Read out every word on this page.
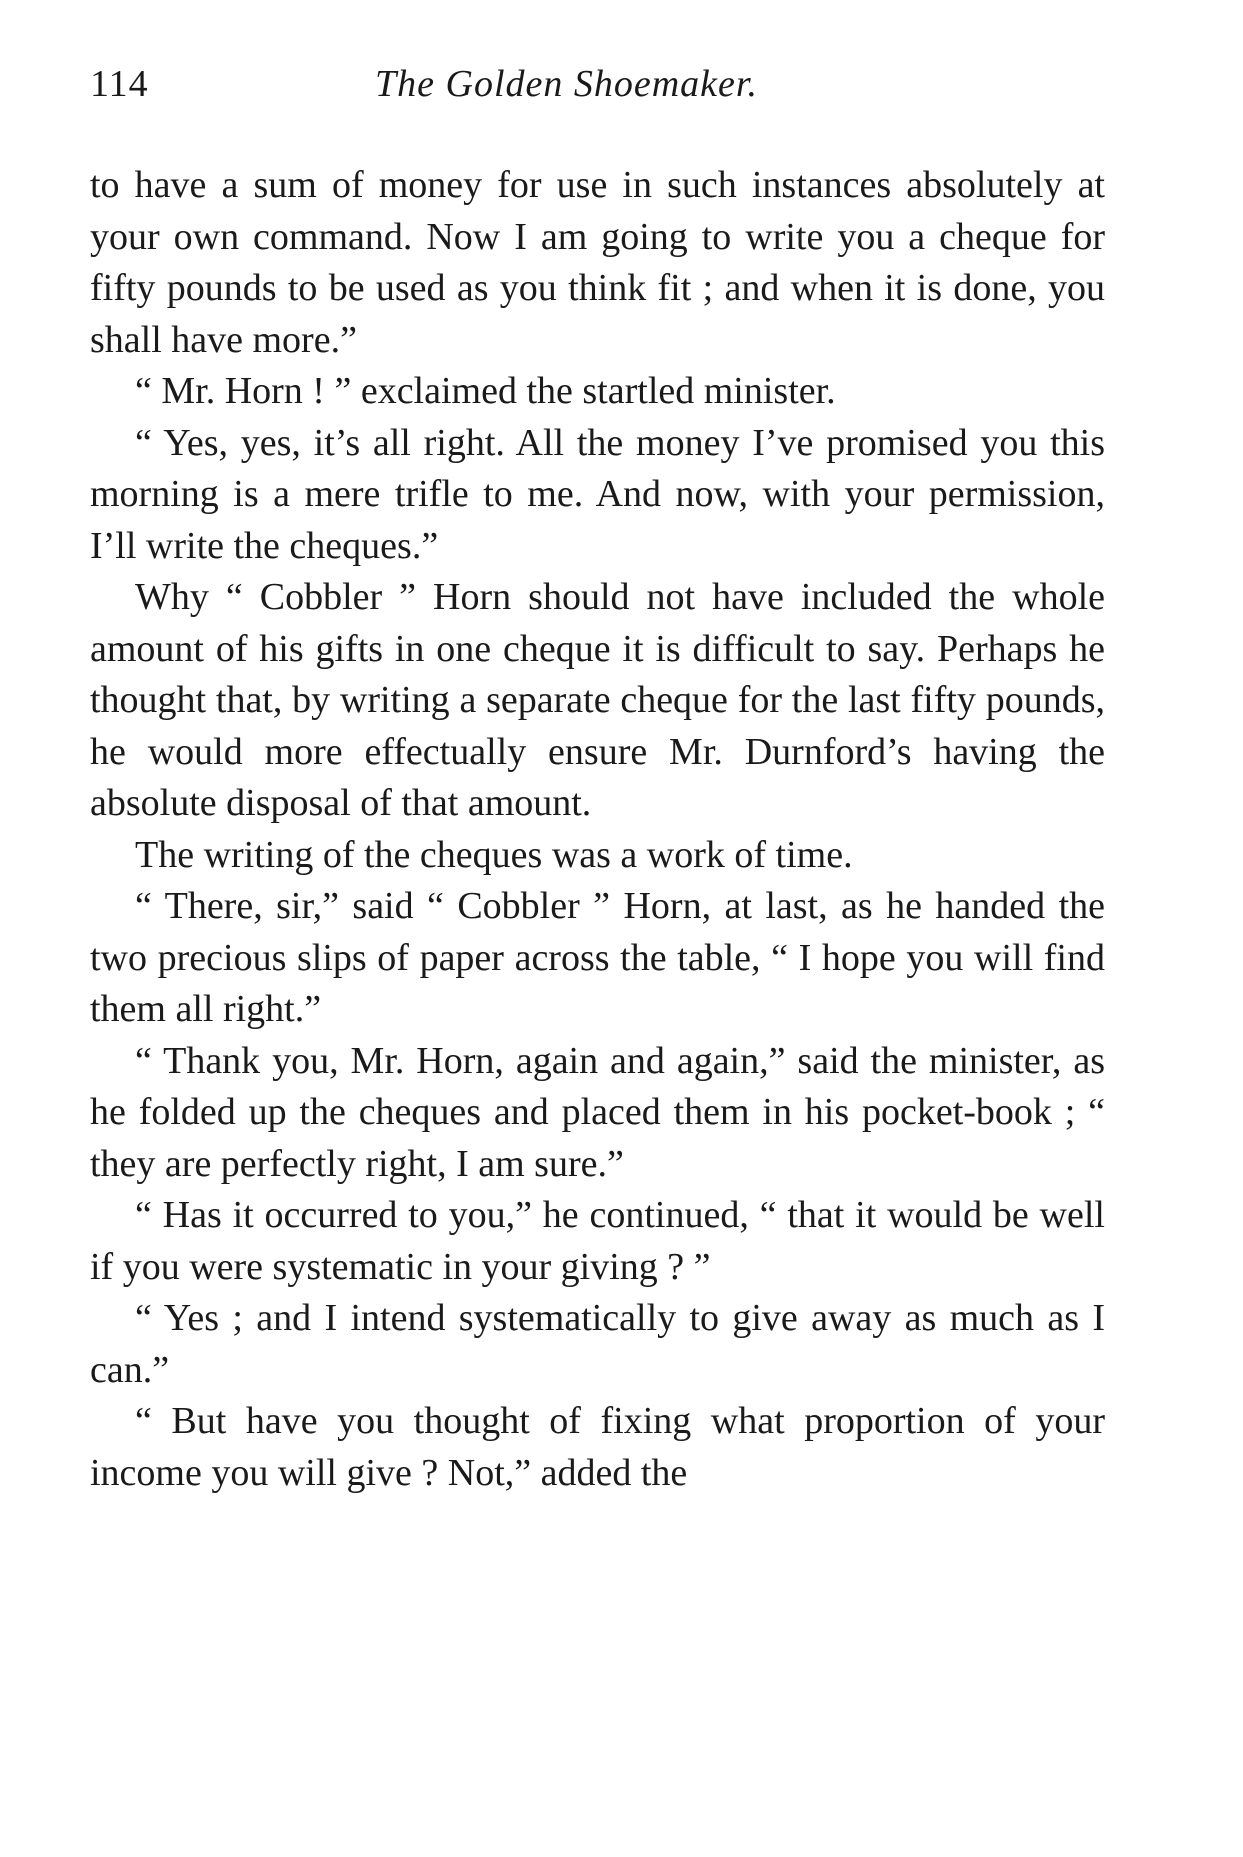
114	The Golden Shoemaker.

to have a sum of money for use in such instances absolutely at your own command. Now I am going to write you a cheque for fifty pounds to be used as you think fit ; and when it is done, you shall have more.”

“ Mr. Horn ! ” exclaimed the startled minister.

“ Yes, yes, it’s all right. All the money I’ve promised you this morning is a mere trifle to me. And now, with your permission, I’ll write the cheques.”

Why “ Cobbler ” Horn should not have included the whole amount of his gifts in one cheque it is difficult to say. Perhaps he thought that, by writing a separate cheque for the last fifty pounds, he would more effectually ensure Mr. Durnford’s having the absolute disposal of that amount.

The writing of the cheques was a work of time.

“ There, sir,” said “ Cobbler ” Horn, at last, as he handed the two precious slips of paper across the table, “ I hope you will find them all right.”

“ Thank you, Mr. Horn, again and again,” said the minister, as he folded up the cheques and placed them in his pocket-book ; “ they are perfectly right, I am sure.”

“ Has it occurred to you,” he continued, “ that it would be well if you were systematic in your giving ? ”

“ Yes ; and I intend systematically to give away as much as I can.”

“ But have you thought of fixing what proportion of your income you will give ? Not,” added the
